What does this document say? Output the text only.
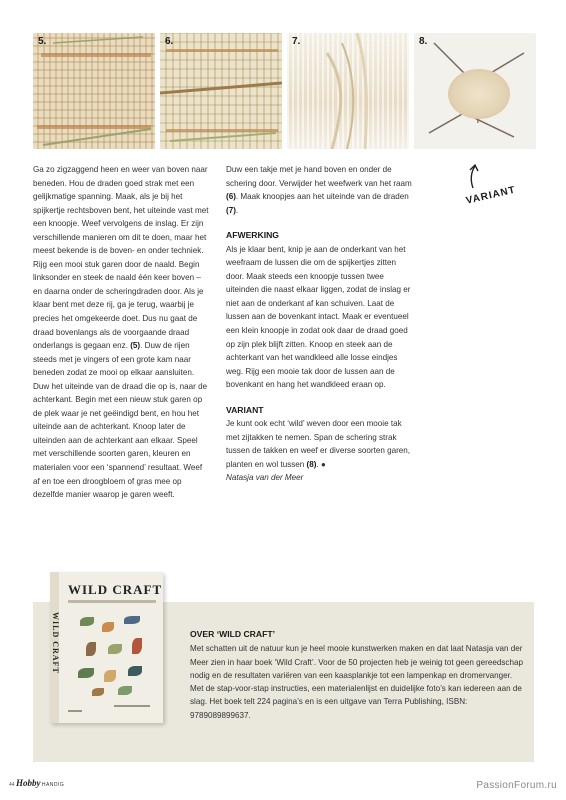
5.	6.	7.	8.

Ga zo zigzaggend heen en weer van boven naar beneden. Hou de draden goed strak met een gelijkmatige spanning. Maak, als je bij het spijkertje rechtsboven bent, het uiteinde vast met een knoopje. Weef vervolgens de inslag. Er zijn verschillende manieren om dit te doen, maar het meest bekende is de boven- en onder techniek. Rijg een mooi stuk garen door de naald. Begin linksonder en steek de naald één keer boven – en daarna onder de scheringdraden door. Als je klaar bent met deze rij, ga je terug, waarbij je precies het omgekeerde doet. Dus nu gaat de draad bovenlangs als de voorgaande draad onderlangs is gegaan enz. (5). Duw de rijen steeds met je vingers of een grote kam naar beneden zodat ze mooi op elkaar aansluiten. Duw het uiteinde van de draad die op is, naar de achterkant. Begin met een nieuw stuk garen op de plek waar je net geëindigd bent, en hou het uiteinde aan de achterkant. Knoop later de uiteinden aan de achterkant aan elkaar. Speel met verschillende soorten garen, kleuren en materialen voor een ‘spannend’ resultaat. Weef af en toe een droogbloem of gras mee op dezelfde manier waarop je garen weeft.

Duw een takje met je hand boven en onder de schering door. Verwijder het weefwerk van het raam (6). Maak knoopjes aan het uiteinde van de draden (7).

AFWERKING

Als je klaar bent, knip je aan de onderkant van het weefraam de lussen die om de spijkertjes zitten door. Maak steeds een knoopje tussen twee uiteinden die naast elkaar liggen, zodat de inslag er niet aan de onderkant af kan schuiven. Laat de lussen aan de bovenkant intact. Maak er eventueel een klein knoopje in zodat ook daar de draad goed op zijn plek blijft zitten. Knoop en steek aan de achterkant van het wandkleed alle losse eindjes weg. Rijg een mooie tak door de lussen aan de bovenkant en hang het wandkleed eraan op.

VARIANT

Je kunt ook echt ‘wild’ weven door een mooie tak met zijtakken te nemen. Span de schering strak tussen de takken en weef er diverse soorten garen, planten en wol tussen (8). ●
Natasja van der Meer

VARIANT
WILD CRAFT
WILD CRAFT
OVER ‘WILD CRAFT’

Met schatten uit de natuur kun je heel mooie kunstwerken maken en dat laat Natasja van der Meer zien in haar boek ‘Wild Craft’. Voor de 50 projecten heb je weinig tot geen gereedschap nodig en de resultaten variëren van een kaasplankje tot een lampenkap en dromervanger. Met de stap-voor-stap instructies, een materialenlijst en duidelijke foto’s kan iedereen aan de slag. Het boek telt 224 pagina’s en is een uitgave van Terra Publishing, ISBN: 9789089899637.

44 Hobby HANDIG	PassionForum.ru
